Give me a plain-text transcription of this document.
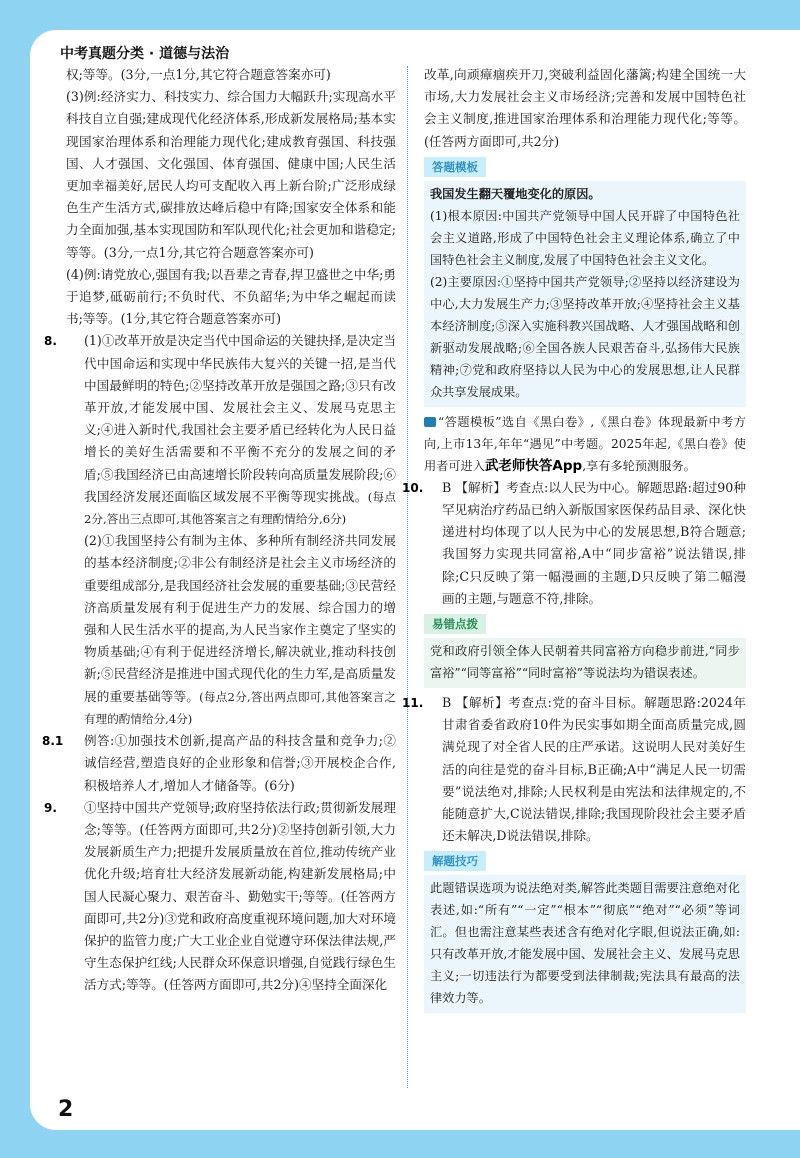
中考真题分类 · 道德与法治

权;等等。(3分,一点1分,其它符合题意答案亦可)

(3)例:经济实力、科技实力、综合国力大幅跃升;实现高水平科技自立自强;建成现代化经济体系,形成新发展格局;基本实现国家治理体系和治理能力现代化;建成教育强国、科技强国、人才强国、文化强国、体育强国、健康中国;人民生活更加幸福美好,居民人均可支配收入再上新台阶;广泛形成绿色生产生活方式,碳排放达峰后稳中有降;国家安全体系和能力全面加强,基本实现国防和军队现代化;社会更加和谐稳定;等等。(3分,一点1分,其它符合题意答案亦可)

(4)例:请党放心,强国有我;以吾辈之青春,捍卫盛世之中华;勇于追梦,砥砺前行;不负时代、不负韶华;为中华之崛起而读书;等等。(1分,其它符合题意答案亦可)

8. (1)①改革开放是决定当代中国命运的关键抉择,是决定当代中国命运和实现中华民族伟大复兴的关键一招,是当代中国最鲜明的特色;②坚持改革开放是强国之路;③只有改革开放,才能发展中国、发展社会主义、发展马克思主义;④进入新时代,我国社会主要矛盾已经转化为人民日益增长的美好生活需要和不平衡不充分的发展之间的矛盾;⑤我国经济已由高速增长阶段转向高质量发展阶段;⑥我国经济发展还面临区域发展不平衡等现实挑战。(每点2分,答出三点即可,其他答案言之有理酌情给分,6分)

(2)①我国坚持公有制为主体、多种所有制经济共同发展的基本经济制度;②非公有制经济是社会主义市场经济的重要组成部分,是我国经济社会发展的重要基础;③民营经济高质量发展有利于促进生产力的发展、综合国力的增强和人民生活水平的提高,为人民当家作主奠定了坚实的物质基础;④有利于促进经济增长,解决就业,推动科技创新;⑤民营经济是推进中国式现代化的生力军,是高质量发展的重要基础等等。(每点2分,答出两点即可,其他答案言之有理的酌情给分,4分)

8.1 例答:①加强技术创新,提高产品的科技含量和竞争力;②诚信经营,塑造良好的企业形象和信誉;③开展校企合作,积极培养人才,增加人才储备等。(6分)

9. ①坚持中国共产党领导;政府坚持依法行政;贯彻新发展理念;等等。(任答两方面即可,共2分)②坚持创新引领,大力发展新质生产力;把提升发展质量放在首位,推动传统产业优化升级;培育壮大经济发展新动能,构建新发展格局;中国人民凝心聚力、艰苦奋斗、勤勉实干;等等。(任答两方面即可,共2分)③党和政府高度重视环境问题,加大对环境保护的监管力度;广大工业企业自觉遵守环保法律法规,严守生态保护红线;人民群众环保意识增强,自觉践行绿色生活方式;等等。(任答两方面即可,共2分)④坚持全面深化

改革,向顽瘴痼疾开刀,突破利益固化藩篱;构建全国统一大市场,大力发展社会主义市场经济;完善和发展中国特色社会主义制度,推进国家治理体系和治理能力现代化;等等。(任答两方面即可,共2分)

答题模板

我国发生翻天覆地变化的原因。

(1)根本原因:中国共产党领导中国人民开辟了中国特色社会主义道路,形成了中国特色社会主义理论体系,确立了中国特色社会主义制度,发展了中国特色社会主义文化。

(2)主要原因:①坚持中国共产党领导;②坚持以经济建设为中心,大力发展生产力;③坚持改革开放;④坚持社会主义基本经济制度;⑤深入实施科教兴国战略、人才强国战略和创新驱动发展战略;⑥全国各族人民艰苦奋斗,弘扬伟大民族精神;⑦党和政府坚持以人民为中心的发展思想,让人民群众共享发展成果。

“答题模板”选自《黑白卷》,《黑白卷》体现最新中考方向,上市13年,年年“遇见”中考题。2025年起,《黑白卷》使用者可进入武老师快答App,享有多轮预测服务。

10. B 【解析】考查点:以人民为中心。解题思路:超过90种罕见病治疗药品已纳入新版国家医保药品目录、深化快递进村均体现了以人民为中心的发展思想,B符合题意;我国努力实现共同富裕,A中“同步富裕”说法错误,排除;C只反映了第一幅漫画的主题,D只反映了第二幅漫画的主题,与题意不符,排除。

易错点拨

党和政府引领全体人民朝着共同富裕方向稳步前进,“同步富裕”“同等富裕”“同时富裕”等说法均为错误表述。

11. B 【解析】考查点:党的奋斗目标。解题思路:2024年甘肃省委省政府10件为民实事如期全面高质量完成,圆满兑现了对全省人民的庄严承诺。这说明人民对美好生活的向往是党的奋斗目标,B正确;A中“满足人民一切需要”说法绝对,排除;人民权利是由宪法和法律规定的,不能随意扩大,C说法错误,排除;我国现阶段社会主要矛盾还未解决,D说法错误,排除。

解题技巧

此题错误选项为说法绝对类,解答此类题目需要注意绝对化表述,如:“所有”“一定”“根本”“彻底”“绝对”“必须”等词汇。但也需注意某些表述含有绝对化字眼,但说法正确,如:只有改革开放,才能发展中国、发展社会主义、发展马克思主义;一切违法行为都要受到法律制裁;宪法具有最高的法律效力等。

2
